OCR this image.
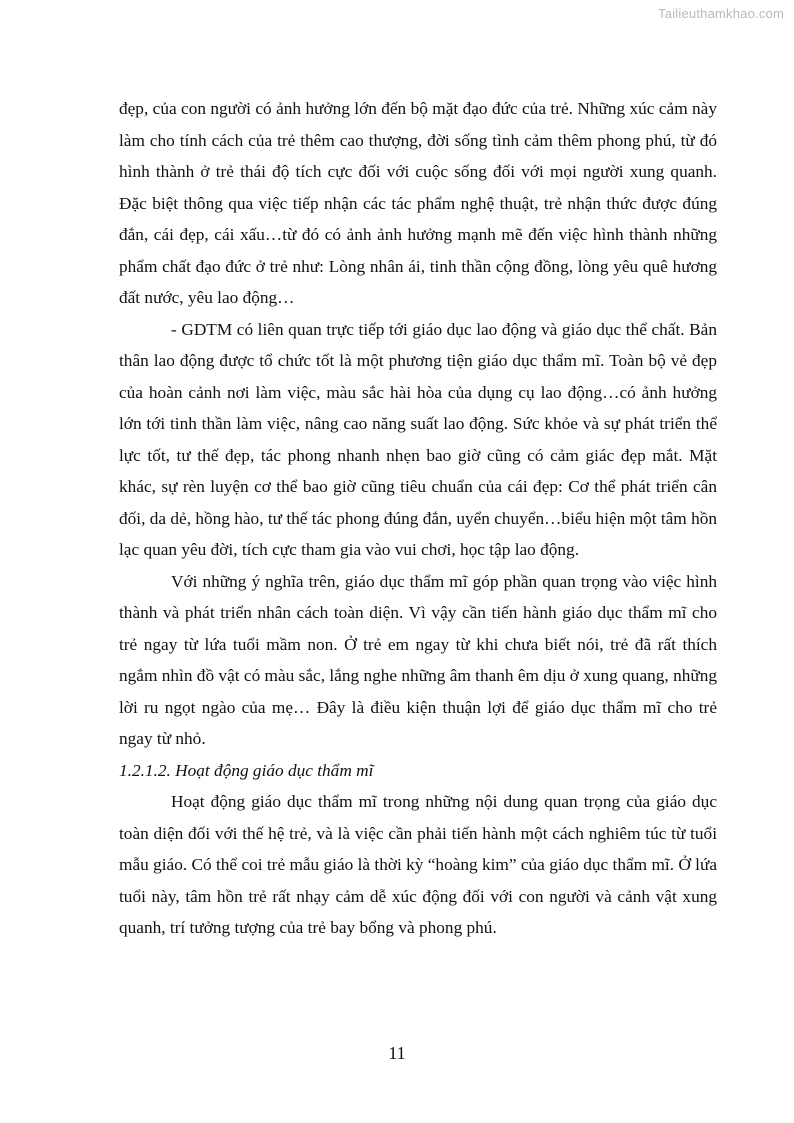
Tailieuthamkhao.com

đẹp, của con người có ảnh hưởng lớn đến bộ mặt đạo đức của trẻ. Những xúc cảm này làm cho tính cách của trẻ thêm cao thượng, đời sống tình cảm thêm phong phú, từ đó hình thành ở trẻ thái độ tích cực đối với cuộc sống đối với mọi người xung quanh. Đặc biệt thông qua việc tiếp nhận các tác phẩm nghệ thuật, trẻ nhận thức được đúng đắn, cái đẹp, cái xấu…từ đó có ảnh ảnh hưởng mạnh mẽ đến việc hình thành những phẩm chất đạo đức ở trẻ như: Lòng nhân ái, tinh thần cộng đồng, lòng yêu quê hương đất nước, yêu lao động…

- GDTM có liên quan trực tiếp tới giáo dục lao động và giáo dục thể chất. Bản thân lao động được tổ chức tốt là một phương tiện giáo dục thẩm mĩ. Toàn bộ vẻ đẹp của hoàn cảnh nơi làm việc, màu sắc hài hòa của dụng cụ lao động…có ảnh hưởng lớn tới tinh thần làm việc, nâng cao năng suất lao động. Sức khỏe và sự phát triển thể lực tốt, tư thế đẹp, tác phong nhanh nhẹn bao giờ cũng có cảm giác đẹp mắt. Mặt khác, sự rèn luyện cơ thể bao giờ cũng tiêu chuẩn của cái đẹp: Cơ thể phát triển cân đối, da dẻ, hồng hào, tư thế tác phong đúng đắn, uyển chuyển…biểu hiện một tâm hồn lạc quan yêu đời, tích cực tham gia vào vui chơi, học tập lao động.

Với những ý nghĩa trên, giáo dục thẩm mĩ góp phần quan trọng vào việc hình thành và phát triển nhân cách toàn diện. Vì vậy cần tiến hành giáo dục thẩm mĩ cho trẻ ngay từ lứa tuổi mầm non. Ở trẻ em ngay từ khi chưa biết nói, trẻ đã rất thích ngắm nhìn đồ vật có màu sắc, lắng nghe những âm thanh êm dịu ở xung quang, những lời ru ngọt ngào của mẹ… Đây là điều kiện thuận lợi để giáo dục thẩm mĩ cho trẻ ngay từ nhỏ.

1.2.1.2. Hoạt động giáo dục thẩm mĩ

Hoạt động giáo dục thẩm mĩ trong những nội dung quan trọng của giáo dục toàn diện đối với thế hệ trẻ, và là việc cần phải tiến hành một cách nghiêm túc từ tuổi mẫu giáo. Có thể coi trẻ mẫu giáo là thời kỳ “hoàng kim” của giáo dục thẩm mĩ. Ở lứa tuổi này, tâm hồn trẻ rất nhạy cảm dễ xúc động đối với con người và cảnh vật xung quanh, trí tưởng tượng của trẻ bay bổng và phong phú.

11
